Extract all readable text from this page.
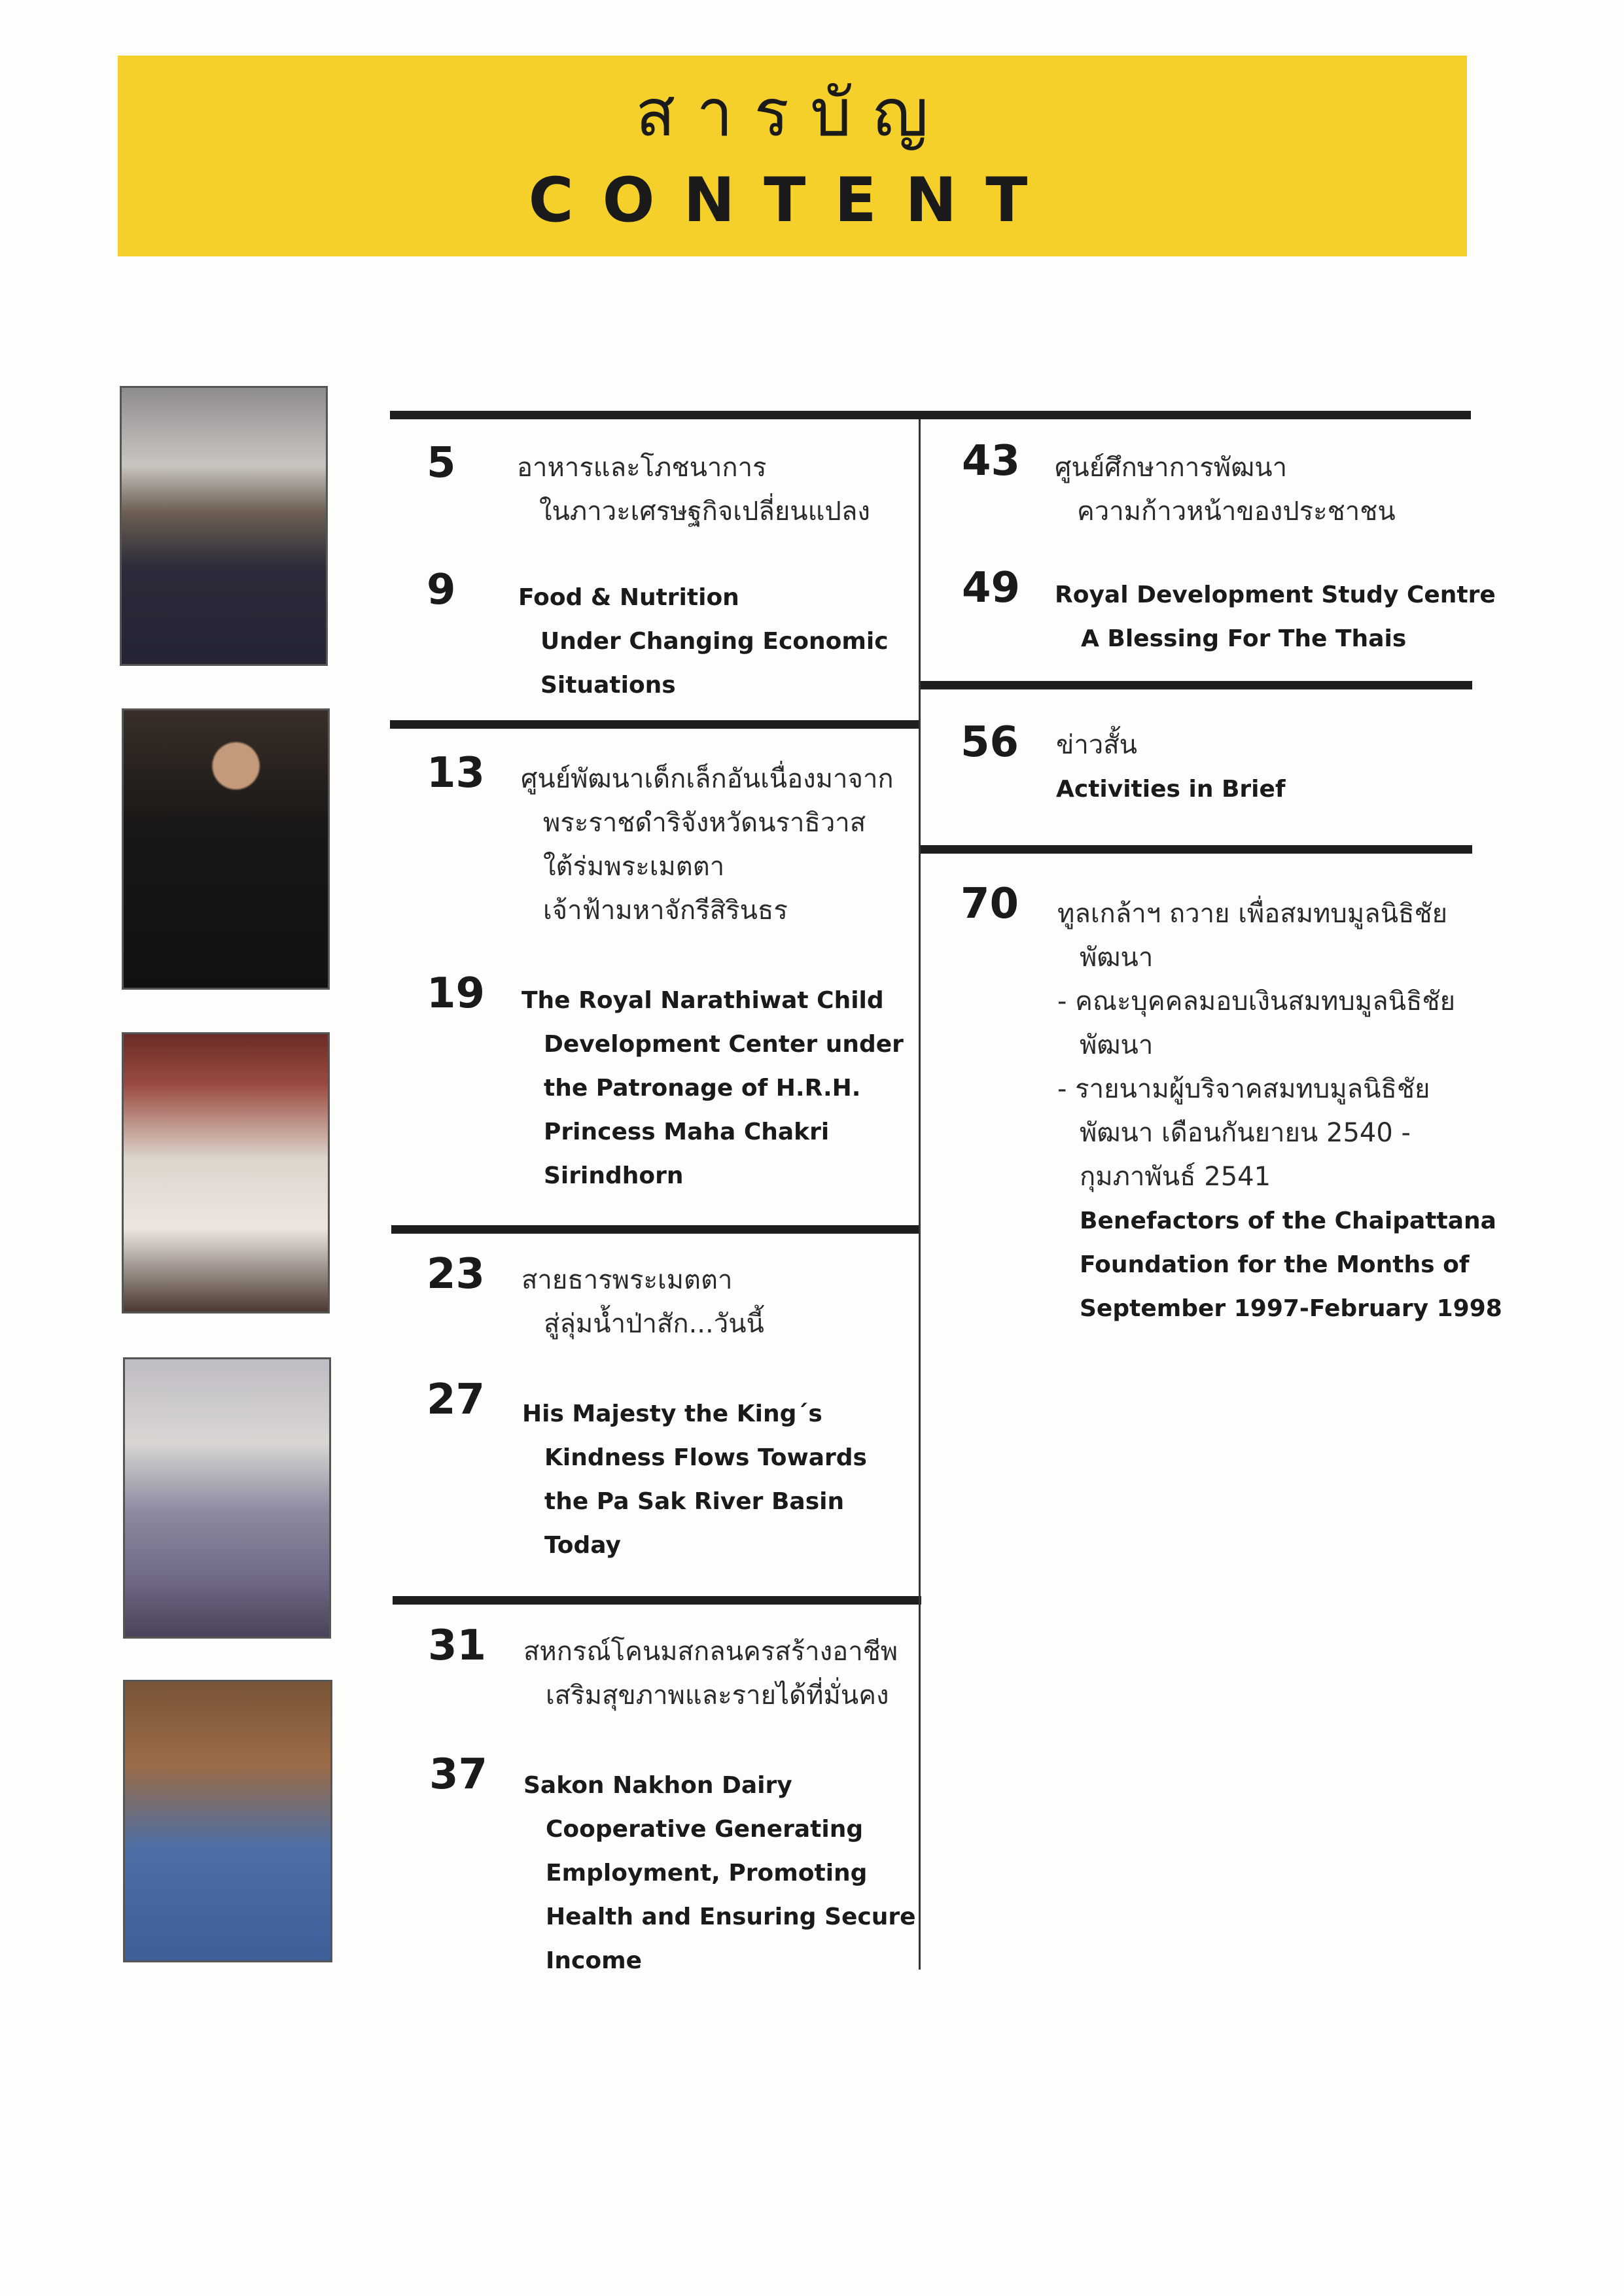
สารบัญ
CONTENT
5 อาหารและโภชนาการ
ในภาวะเศรษฐกิจเปลี่ยนแปลง
9	Food & Nutrition
Under Changing Economic
Situations
13 ศูนย์พัฒนาเด็กเล็กอันเนื่องมาจาก
พระราชดำริจังหวัดนราธิวาส
ใต้ร่มพระเมตตา
เจ้าฟ้ามหาจักรีสิรินธร
19 The Royal Narathiwat Child
Development Center under
the Patronage of H.R.H.
Princess Maha Chakri
Sirindhorn
23 สายธารพระเมตตา
สู่ลุ่มน้ำป่าสัก...วันนี้
27 His Majesty the King´s
Kindness Flows Towards
the Pa Sak River Basin
Today
31 สหกรณ์โคนมสกลนครสร้างอาชีพ
เสริมสุขภาพและรายได้ที่มั่นคง
37 Sakon Nakhon Dairy
Cooperative Generating
Employment, Promoting
Health and Ensuring Secure
Income
43 ศูนย์ศึกษาการพัฒนา
ความก้าวหน้าของประชาชน
49 Royal Development Study Centre
A Blessing For The Thais
56 ข่าวสั้น
Activities in Brief
70 ทูลเกล้าฯ ถวาย เพื่อสมทบมูลนิธิชัย
พัฒนา
- คณะบุคคลมอบเงินสมทบมูลนิธิชัย
พัฒนา
- รายนามผู้บริจาคสมทบมูลนิธิชัย
พัฒนา เดือนกันยายน 2540 -
กุมภาพันธ์ 2541
Benefactors of the Chaipattana
Foundation for the Months of
September 1997-February 1998
